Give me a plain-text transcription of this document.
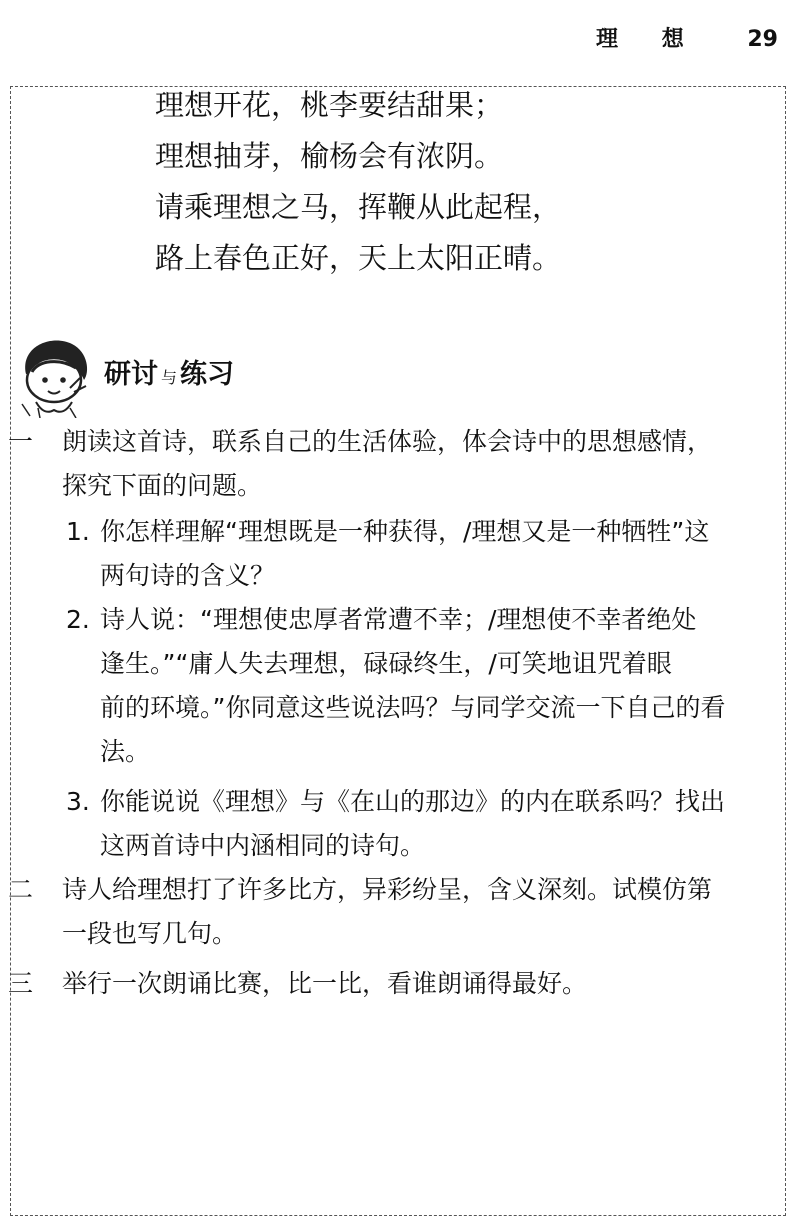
理 想 29
理想开花，桃李要结甜果；
理想抽芽，榆杨会有浓阴。
请乘理想之马，挥鞭从此起程，
路上春色正好，天上太阳正晴。
研讨 与 练习
一 朗读这首诗，联系自己的生活体验，体会诗中的思想感情，
探究下面的问题。
1. 你怎样理解“理想既是一种获得，/理想又是一种牺牲”这
两句诗的含义？
2. 诗人说：“理想使忠厚者常遭不幸；/理想使不幸者绝处
逢生。”“庸人失去理想，碌碌终生，/可笑地诅咒着眼
前的环境。”你同意这些说法吗？与同学交流一下自己的看
法。
3. 你能说说《理想》与《在山的那边》的内在联系吗？找出
这两首诗中内涵相同的诗句。
二 诗人给理想打了许多比方，异彩纷呈，含义深刻。试模仿第
一段也写几句。
三 举行一次朗诵比赛，比一比，看谁朗诵得最好。
